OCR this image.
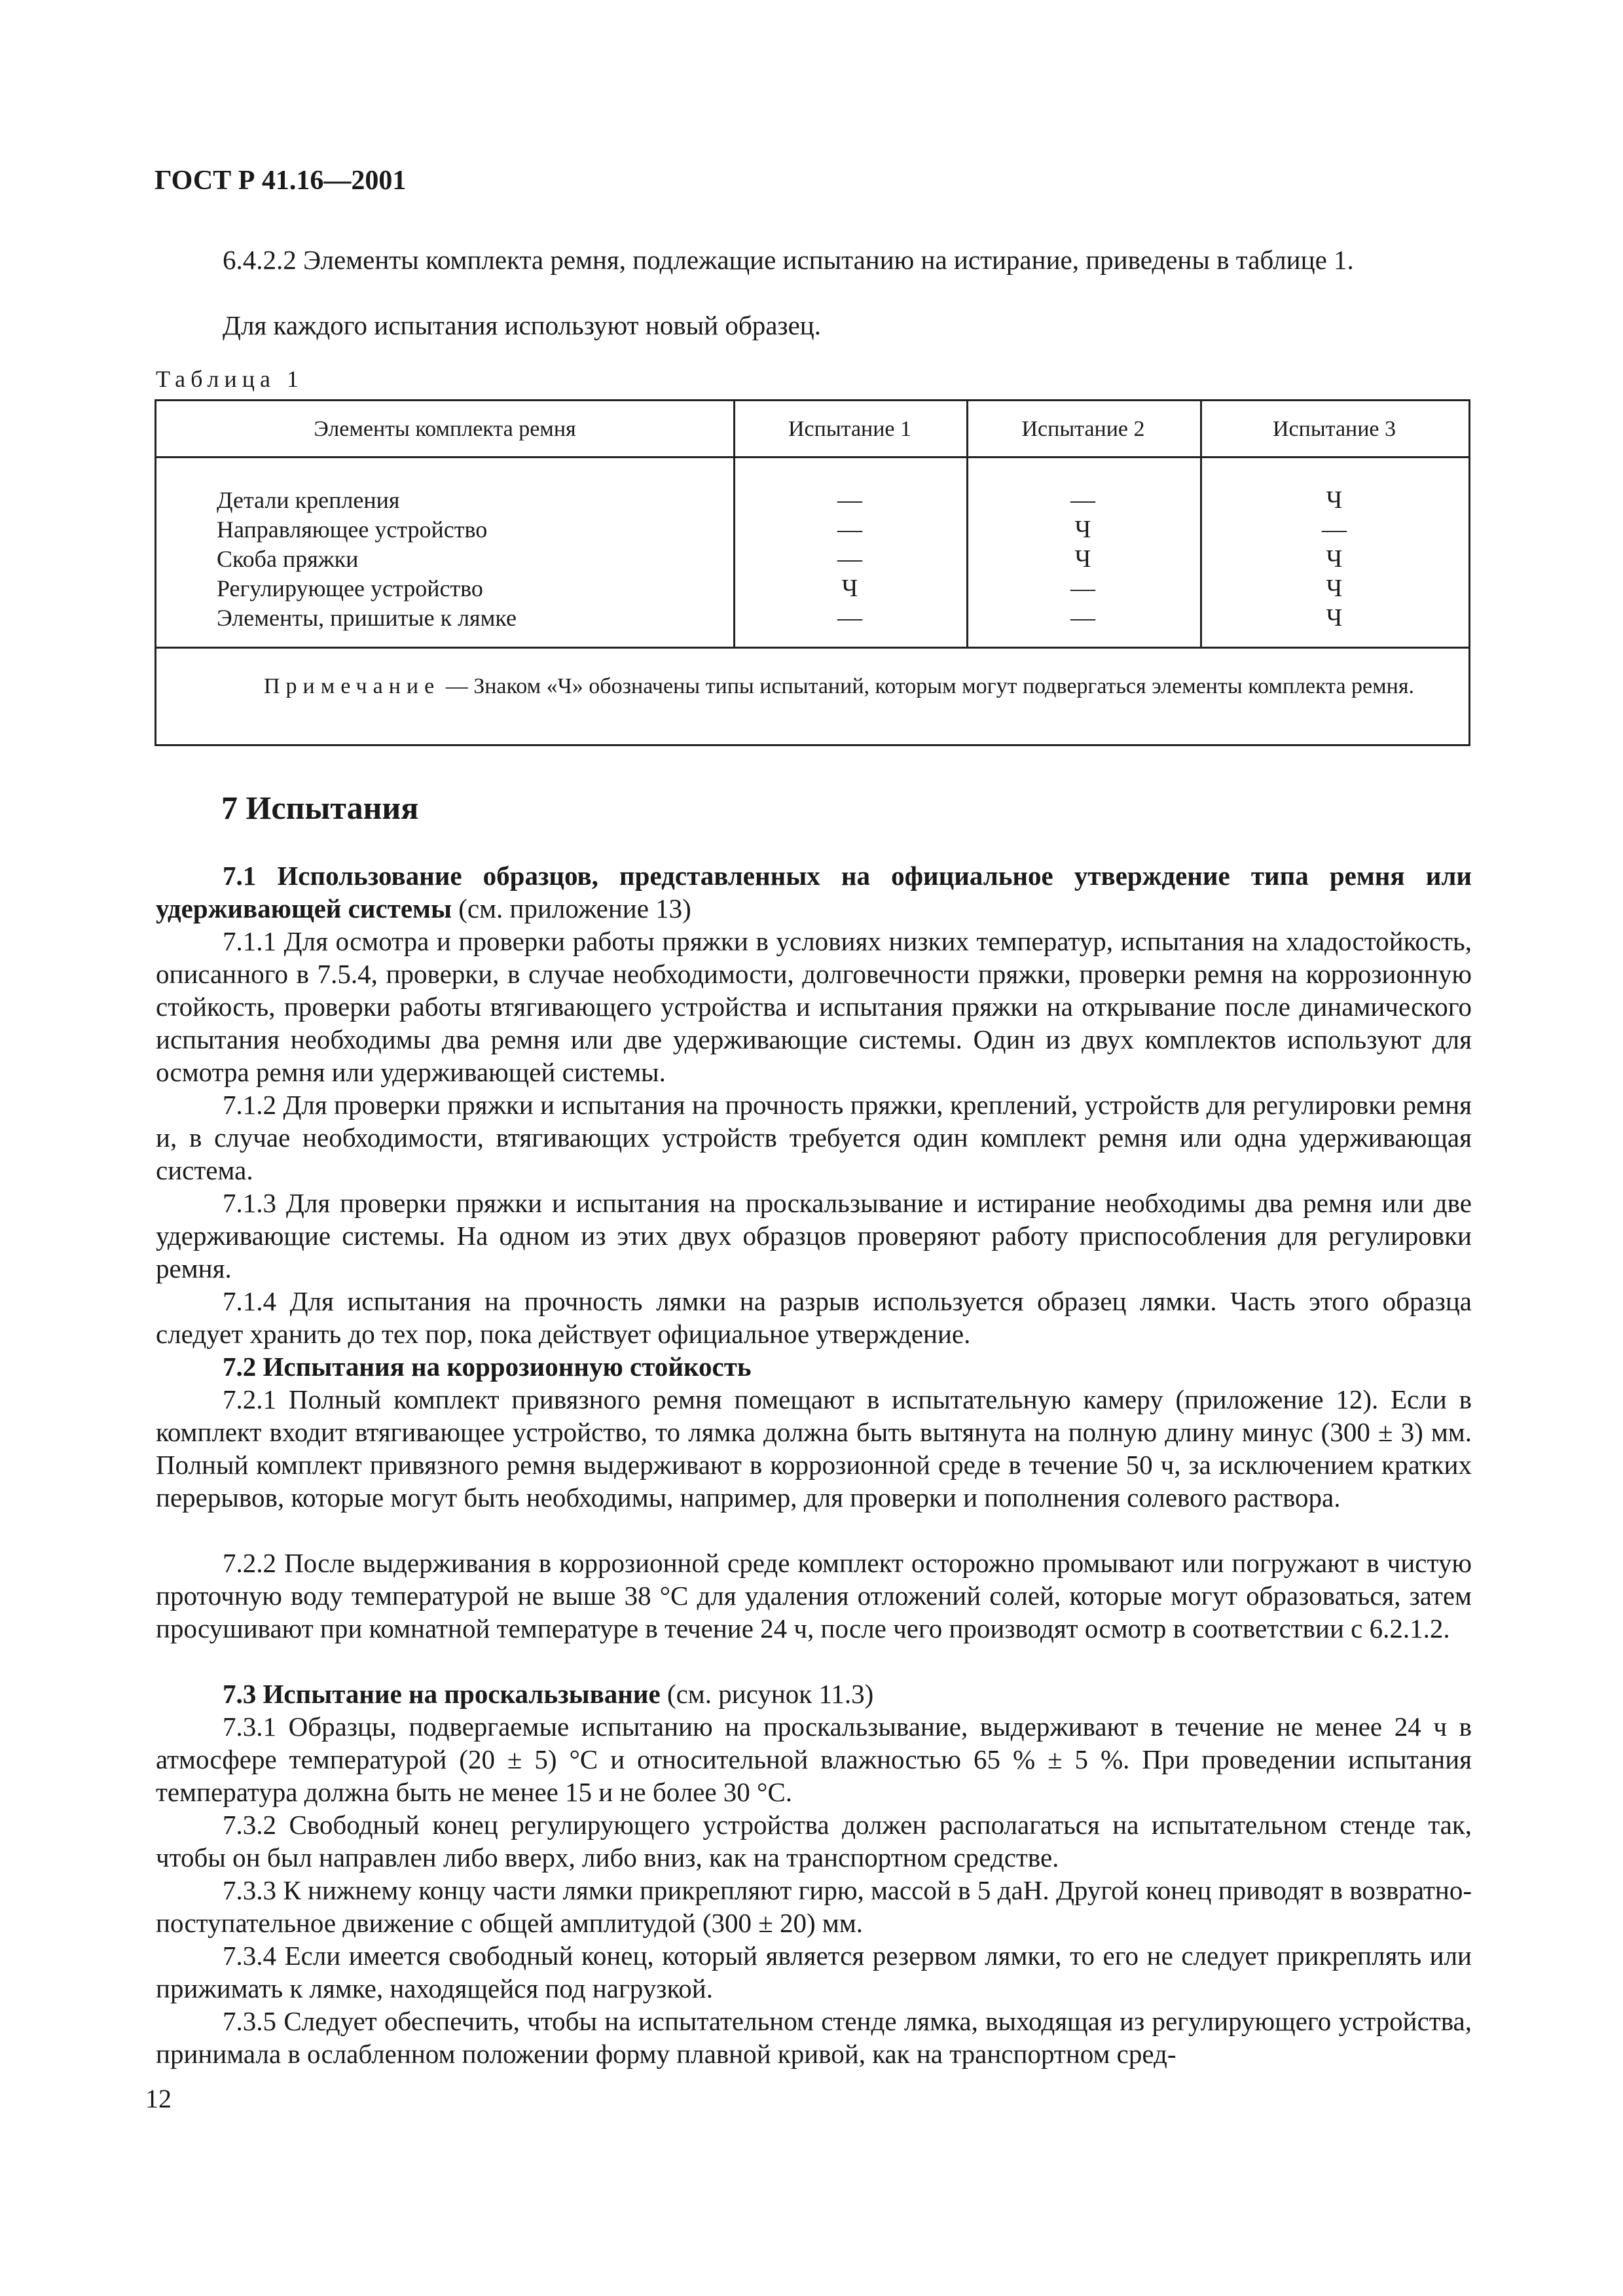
ГОСТ Р 41.16—2001
6.4.2.2 Элементы комплекта ремня, подлежащие испытанию на истирание, приведены в таблице 1.
Для каждого испытания используют новый образец.
Таблица 1
Элементы комплекта ремня	Испытание 1	Испытание 2	Испытание 3
Детали крепления	—	—	Ч
Направляющее устройство	—	Ч	—
Скоба пряжки	—	Ч	Ч
Регулирующее устройство	Ч	—	Ч
Элементы, пришитые к лямке	—	—	Ч
Примечание — Знаком «Ч» обозначены типы испытаний, которым могут подвергаться элементы комплекта ремня.
7 Испытания
7.1 Использование образцов, представленных на официальное утверждение типа ремня или удерживающей системы (см. приложение 13)
7.1.1 Для осмотра и проверки работы пряжки в условиях низких температур, испытания на хладостойкость, описанного в 7.5.4, проверки, в случае необходимости, долговечности пряжки, проверки ремня на коррозионную стойкость, проверки работы втягивающего устройства и испытания пряжки на открывание после динамического испытания необходимы два ремня или две удерживающие системы. Один из двух комплектов используют для осмотра ремня или удерживающей системы.
7.1.2 Для проверки пряжки и испытания на прочность пряжки, креплений, устройств для регулировки ремня и, в случае необходимости, втягивающих устройств требуется один комплект ремня или одна удерживающая система.
7.1.3 Для проверки пряжки и испытания на проскальзывание и истирание необходимы два ремня или две удерживающие системы. На одном из этих двух образцов проверяют работу приспособления для регулировки ремня.
7.1.4 Для испытания на прочность лямки на разрыв используется образец лямки. Часть этого образца следует хранить до тех пор, пока действует официальное утверждение.
7.2 Испытания на коррозионную стойкость
7.2.1 Полный комплект привязного ремня помещают в испытательную камеру (приложение 12). Если в комплект входит втягивающее устройство, то лямка должна быть вытянута на полную длину минус (300 ± 3) мм. Полный комплект привязного ремня выдерживают в коррозионной среде в течение 50 ч, за исключением кратких перерывов, которые могут быть необходимы, например, для проверки и пополнения солевого раствора.
7.2.2 После выдерживания в коррозионной среде комплект осторожно промывают или погружают в чистую проточную воду температурой не выше 38 °С для удаления отложений солей, которые могут образоваться, затем просушивают при комнатной температуре в течение 24 ч, после чего производят осмотр в соответствии с 6.2.1.2.
7.3 Испытание на проскальзывание (см. рисунок 11.3)
7.3.1 Образцы, подвергаемые испытанию на проскальзывание, выдерживают в течение не менее 24 ч в атмосфере температурой (20 ± 5) °С и относительной влажностью 65 % ± 5 %. При проведении испытания температура должна быть не менее 15 и не более 30 °С.
7.3.2 Свободный конец регулирующего устройства должен располагаться на испытательном стенде так, чтобы он был направлен либо вверх, либо вниз, как на транспортном средстве.
7.3.3 К нижнему концу части лямки прикрепляют гирю, массой в 5 даН. Другой конец приводят в возвратно-поступательное движение с общей амплитудой (300 ± 20) мм.
7.3.4 Если имеется свободный конец, который является резервом лямки, то его не следует прикреплять или прижимать к лямке, находящейся под нагрузкой.
7.3.5 Следует обеспечить, чтобы на испытательном стенде лямка, выходящая из регулирующего устройства, принимала в ослабленном положении форму плавной кривой, как на транспортном сред-
12
